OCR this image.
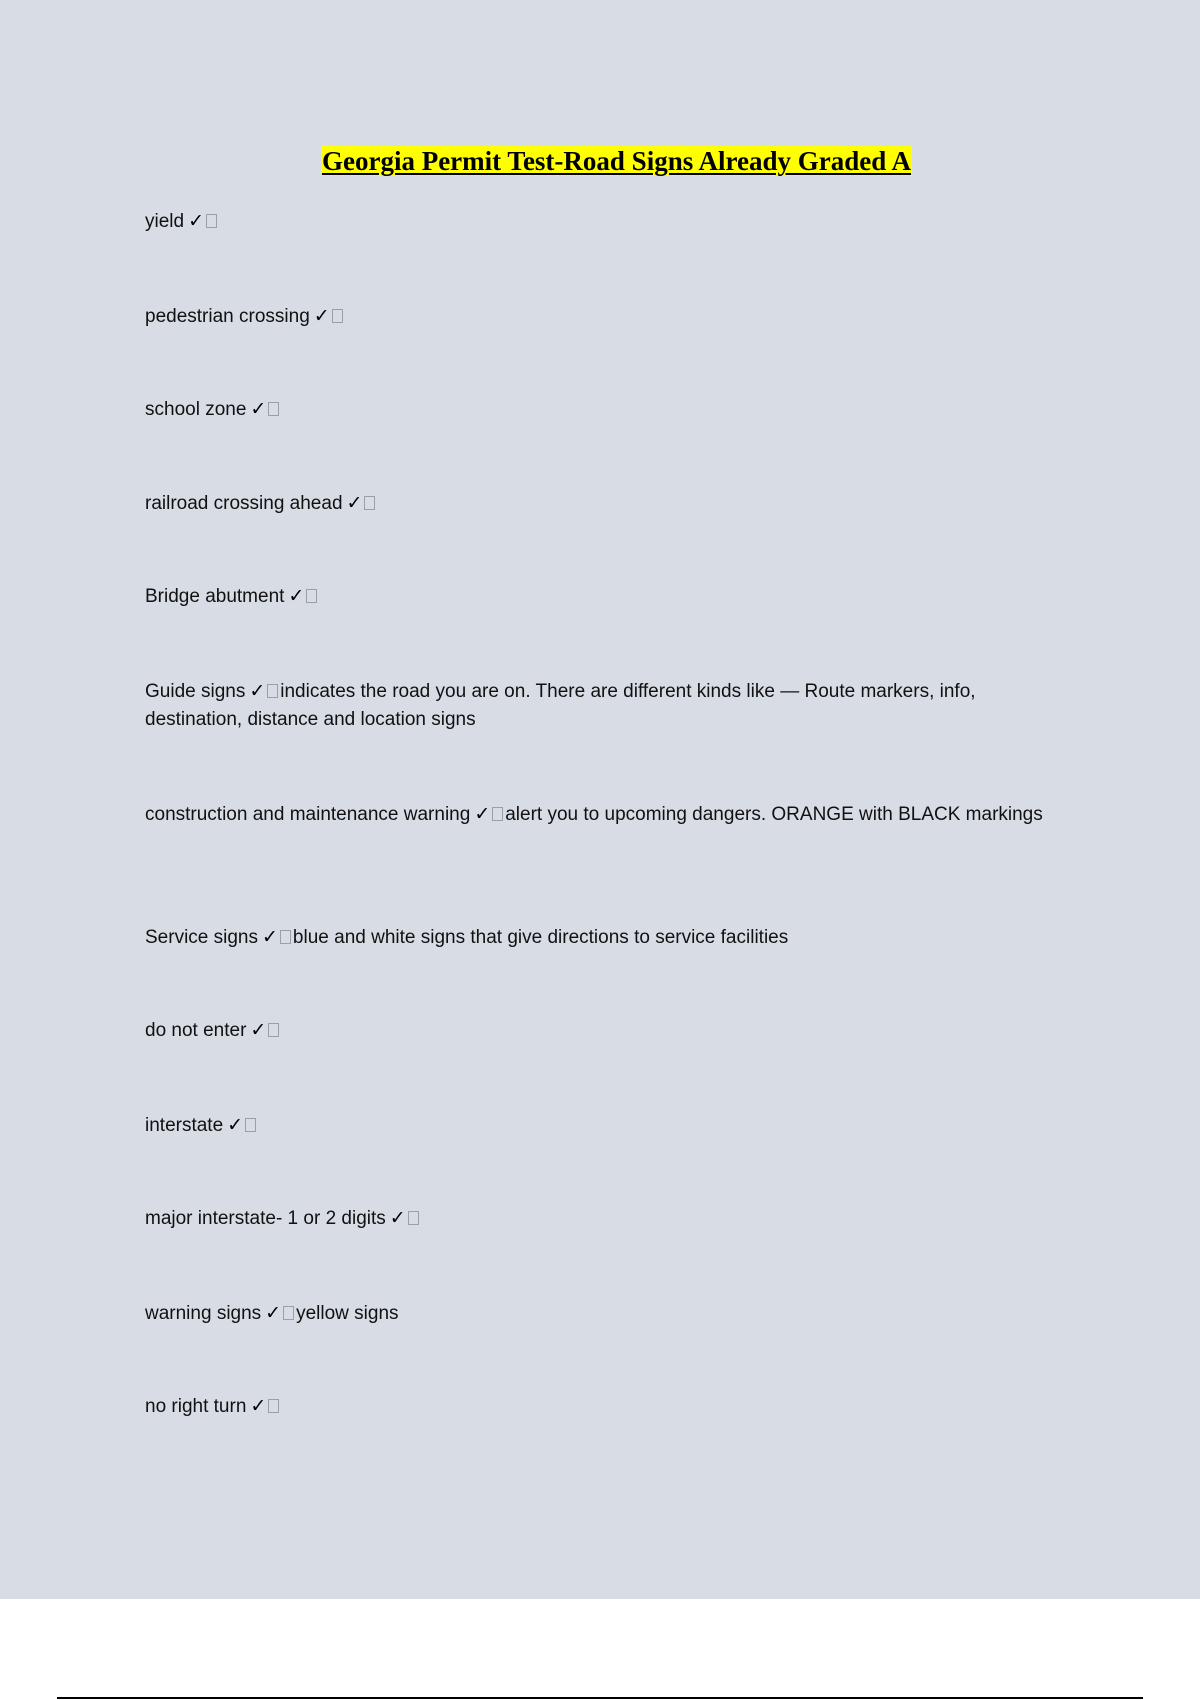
Georgia Permit Test-Road Signs Already Graded A
yield ✓
pedestrian crossing ✓
school zone ✓
railroad crossing ahead ✓
Bridge abutment ✓
Guide signs ✓ indicates the road you are on. There are different kinds like — Route markers, info, destination, distance and location signs
construction and maintenance warning ✓ alert you to upcoming dangers. ORANGE with BLACK markings
Service signs ✓ blue and white signs that give directions to service facilities
do not enter ✓
interstate ✓
major interstate- 1 or 2 digits ✓
warning signs ✓ yellow signs
no right turn ✓
